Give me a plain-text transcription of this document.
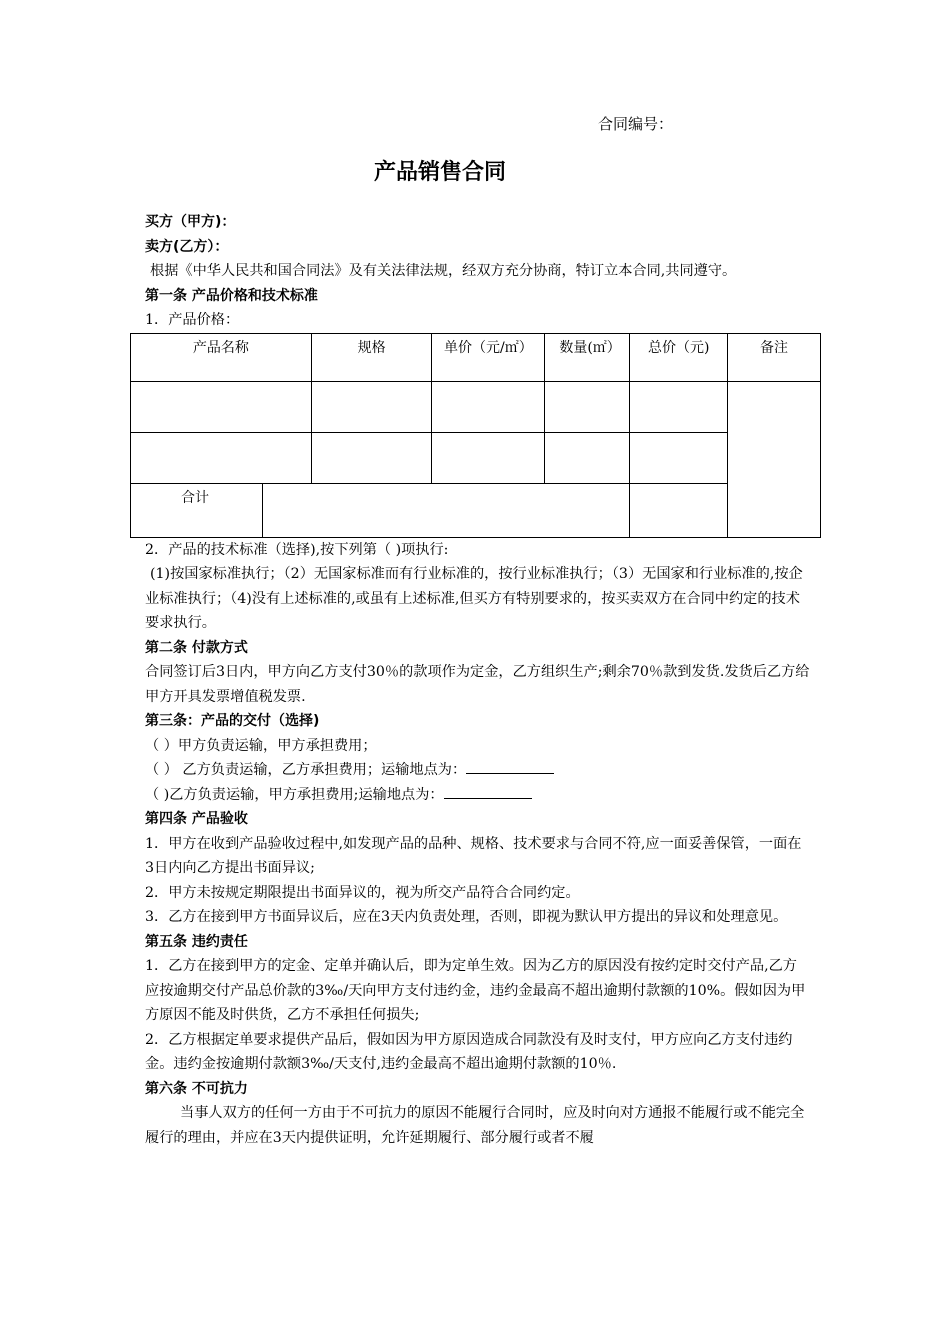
合同编号：
产品销售合同

买方（甲方)：

卖方(乙方）：

根据《中华人民共和国合同法》及有关法律法规，经双方充分协商，特订立本合同,共同遵守。

第一条 产品价格和技术标准

1．产品价格：

产品名称		规格	单价（元/㎡）	数量(㎡）	总价（元)	备注

合计						

2．产品的技术标准（选择),按下列第（ )项执行:

(1)按国家标准执行；（2）无国家标准而有行业标准的，按行业标准执行；（3）无国家和行业标准的,按企业标准执行；（4)没有上述标准的,或虽有上述标准,但买方有特别要求的，按买卖双方在合同中约定的技术要求执行。

第二条 付款方式

合同签订后3日内，甲方向乙方支付30％的款项作为定金，乙方组织生产;剩余70％款到发货.发货后乙方给甲方开具发票增值税发票.

第三条：产品的交付（选择)

（ ）甲方负责运输，甲方承担费用；

（ ） 乙方负责运输，乙方承担费用；运输地点为：

（ )乙方负责运输，甲方承担费用;运输地点为：

第四条 产品验收

1．甲方在收到产品验收过程中,如发现产品的品种、规格、技术要求与合同不符,应一面妥善保管，一面在3日内向乙方提出书面异议;

2．甲方未按规定期限提出书面异议的，视为所交产品符合合同约定。

3．乙方在接到甲方书面异议后，应在3天内负责处理，否则，即视为默认甲方提出的异议和处理意见。

第五条 违约责任

1．乙方在接到甲方的定金、定单并确认后，即为定单生效。因为乙方的原因没有按约定时交付产品,乙方应按逾期交付产品总价款的3‰/天向甲方支付违约金，违约金最高不超出逾期付款额的10%。假如因为甲方原因不能及时供货，乙方不承担任何损失;

2．乙方根据定单要求提供产品后，假如因为甲方原因造成合同款没有及时支付，甲方应向乙方支付违约金。违约金按逾期付款额3‰/天支付,违约金最高不超出逾期付款额的10％.

第六条 不可抗力

当事人双方的任何一方由于不可抗力的原因不能履行合同时，应及时向对方通报不能履行或不能完全履行的理由，并应在3天内提供证明，允许延期履行、部分履行或者不履
